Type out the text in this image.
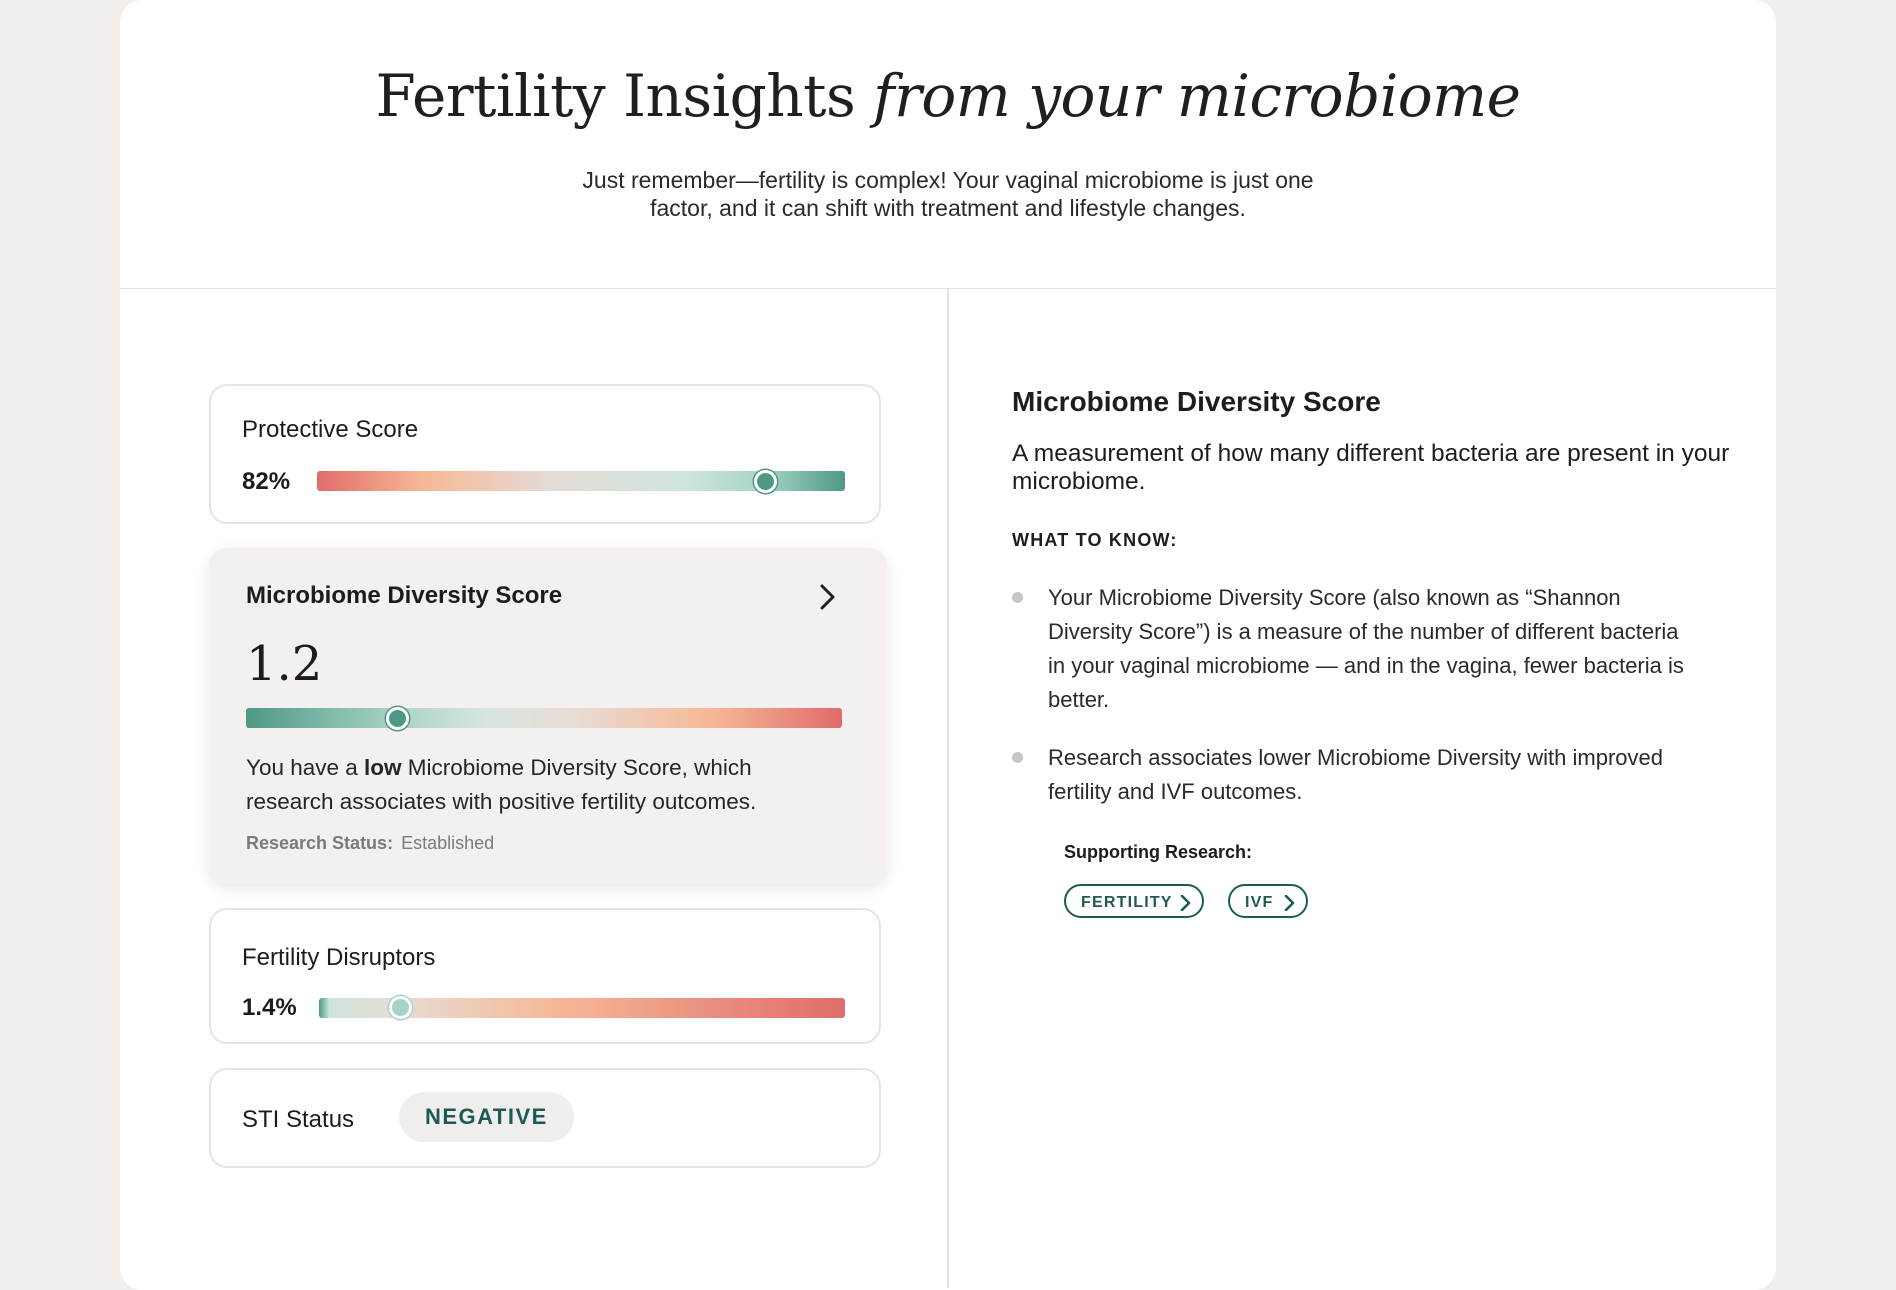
Fertility Insights from your microbiome
Just remember—fertility is complex! Your vaginal microbiome is just one
factor, and it can shift with treatment and lifestyle changes.
Protective Score
82%
Microbiome Diversity Score
1.2
You have a low Microbiome Diversity Score, which research associates with positive fertility outcomes.
Research Status: Established
Fertility Disruptors
1.4%
STI Status	NEGATIVE
Microbiome Diversity Score
A measurement of how many different bacteria are present in your microbiome.
WHAT TO KNOW:
Your Microbiome Diversity Score (also known as “Shannon Diversity Score”) is a measure of the number of different bacteria in your vaginal microbiome — and in the vagina, fewer bacteria is better.
Research associates lower Microbiome Diversity with improved fertility and IVF outcomes.
Supporting Research:
FERTILITY	IVF
